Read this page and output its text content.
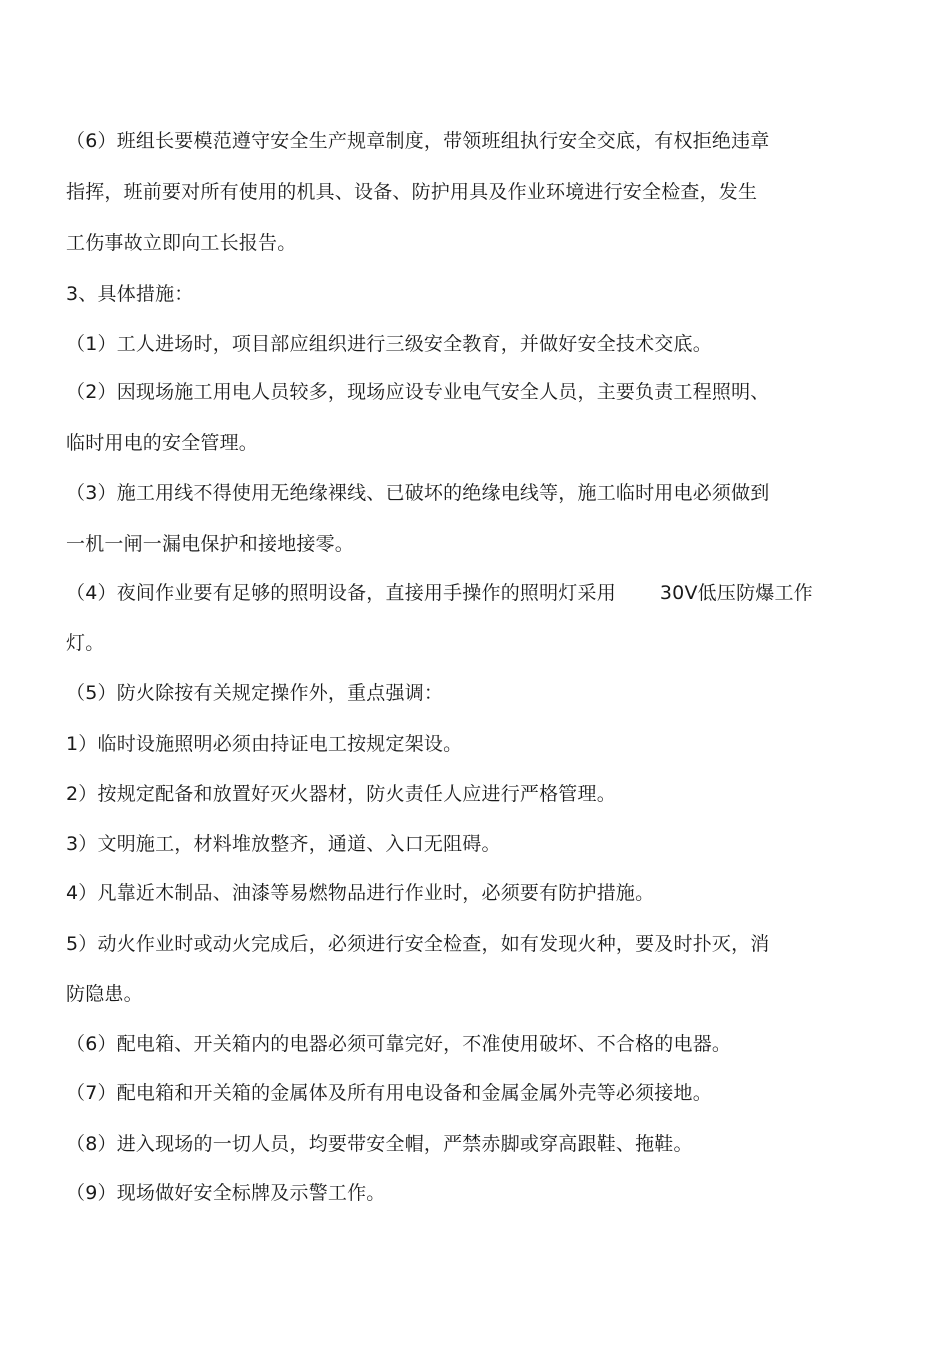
（6）班组长要模范遵守安全生产规章制度，带领班组执行安全交底，有权拒绝违章
指挥，班前要对所有使用的机具、设备、防护用具及作业环境进行安全检查，发生
工伤事故立即向工长报告。
3、具体措施：
（1）工人进场时，项目部应组织进行三级安全教育，并做好安全技术交底。
（2）因现场施工用电人员较多，现场应设专业电气安全人员，主要负责工程照明、
临时用电的安全管理。
（3）施工用线不得使用无绝缘裸线、已破坏的绝缘电线等，施工临时用电必须做到
一机一闸一漏电保护和接地接零。
（4）夜间作业要有足够的照明设备，直接用手操作的照明灯采用 30V低压防爆工作
灯。
（5）防火除按有关规定操作外，重点强调：
1）临时设施照明必须由持证电工按规定架设。
2）按规定配备和放置好灭火器材，防火责任人应进行严格管理。
3）文明施工，材料堆放整齐，通道、入口无阻碍。
4）凡靠近木制品、油漆等易燃物品进行作业时，必须要有防护措施。
5）动火作业时或动火完成后，必须进行安全检查，如有发现火种，要及时扑灭，消
防隐患。
（6）配电箱、开关箱内的电器必须可靠完好，不准使用破坏、不合格的电器。
（7）配电箱和开关箱的金属体及所有用电设备和金属金属外壳等必须接地。
（8）进入现场的一切人员，均要带安全帽，严禁赤脚或穿高跟鞋、拖鞋。
（9）现场做好安全标牌及示警工作。
